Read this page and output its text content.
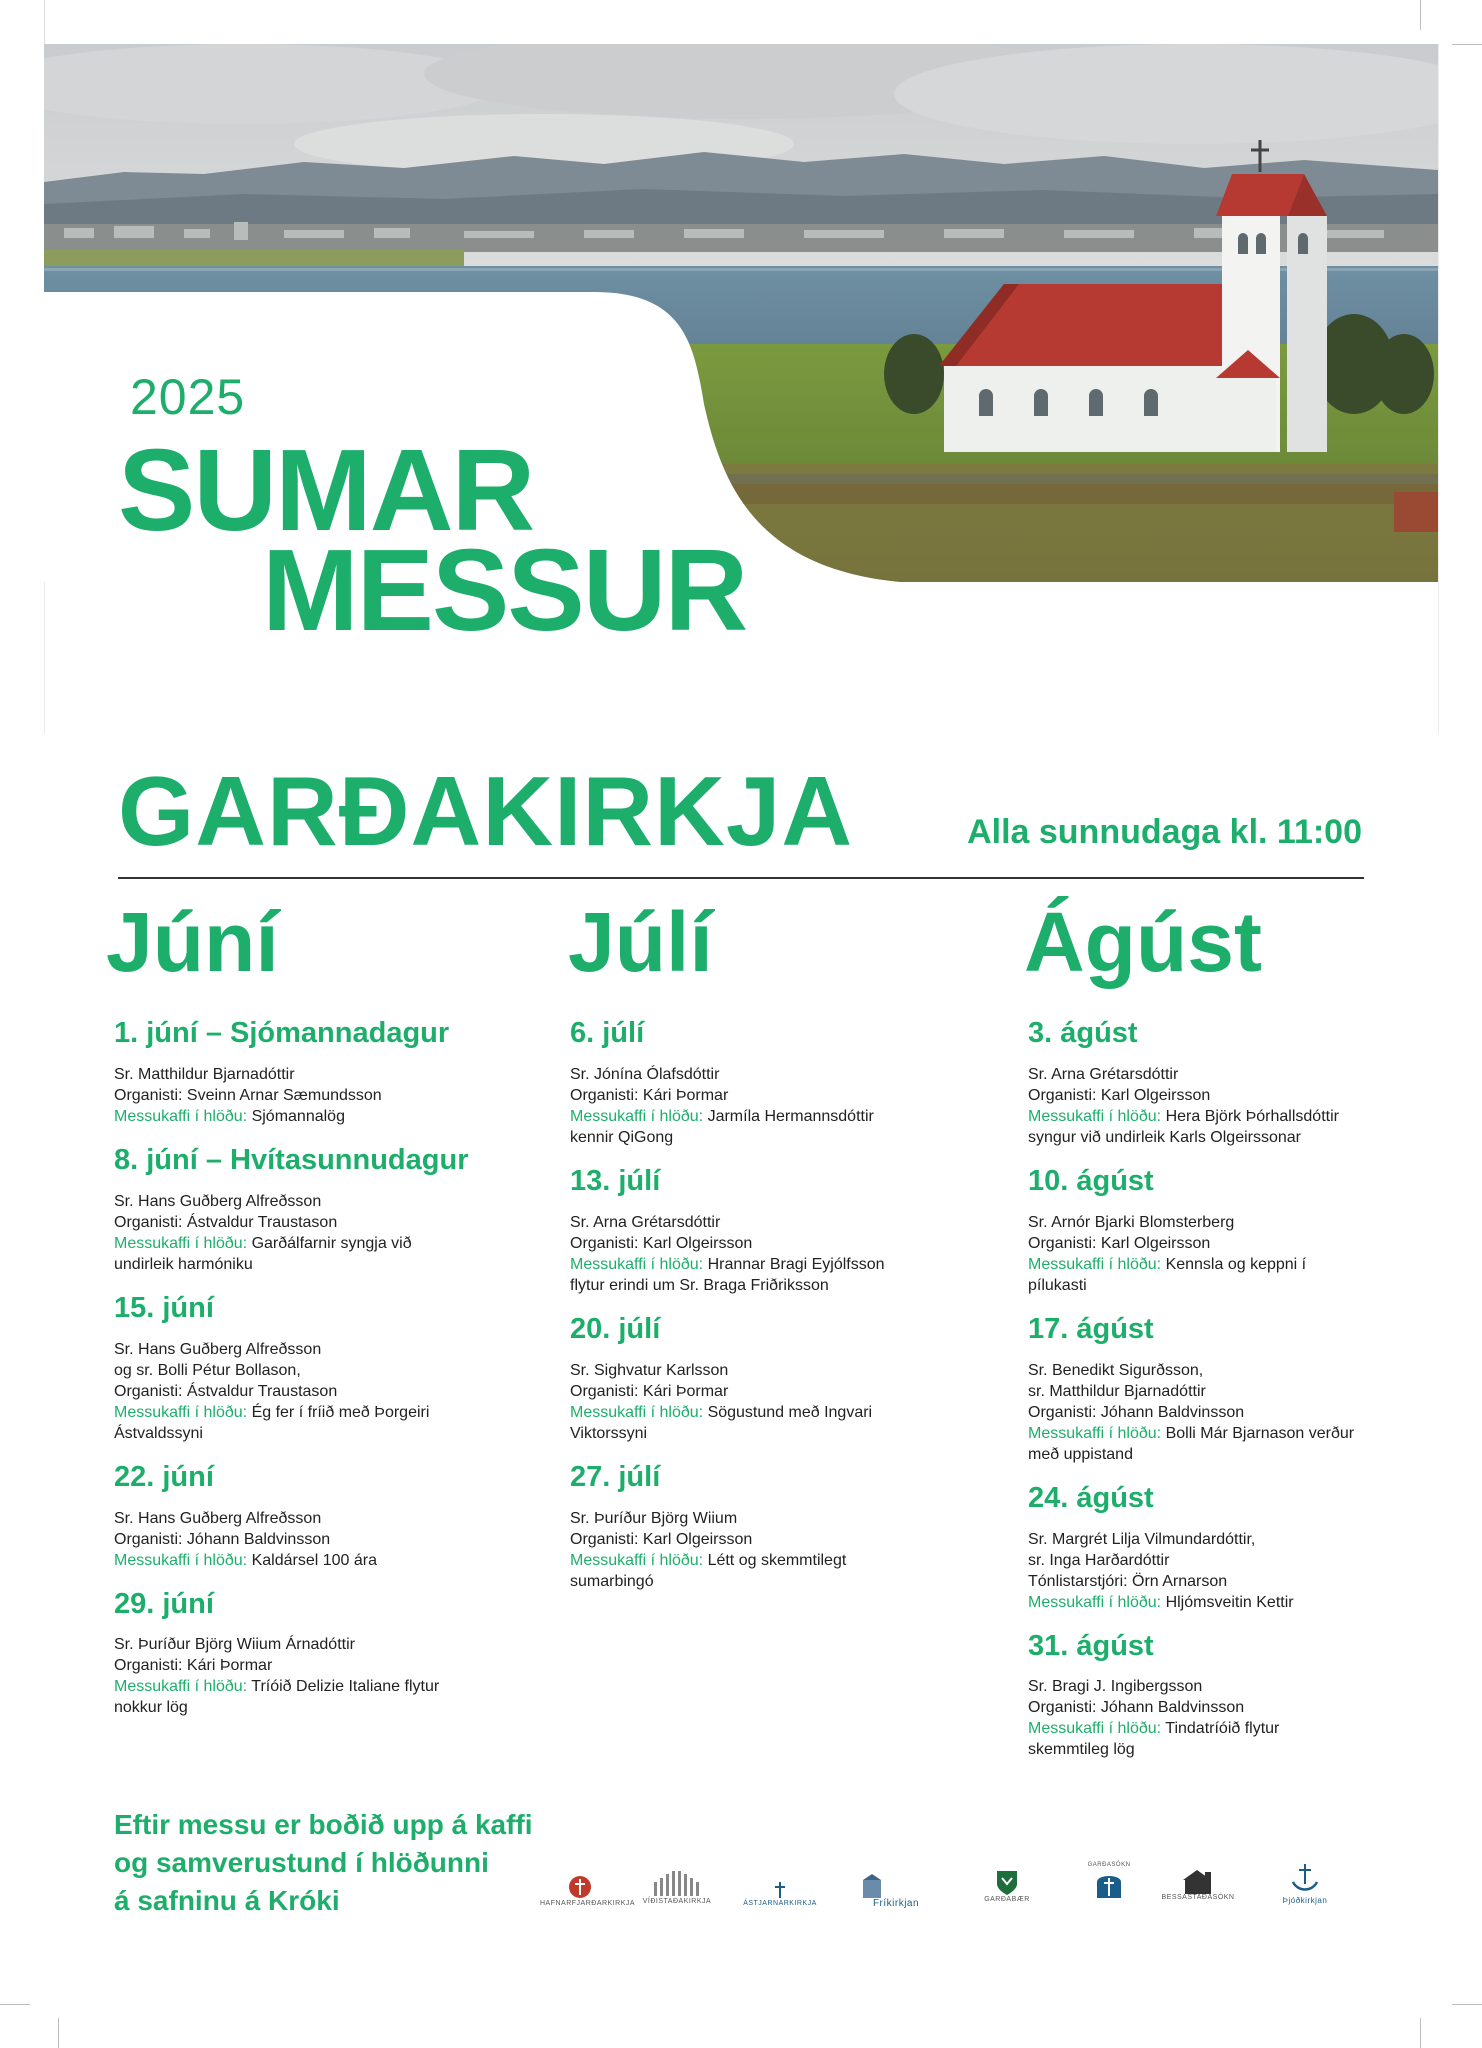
2025
SUMAR
MESSUR
GARÐAKIRKJA	Alla sunnudaga kl. 11:00
Júní	Júlí	Ágúst
1. júní – Sjómannadagur
Sr. Matthildur Bjarnadóttir
Organisti: Sveinn Arnar Sæmundsson
Messukaffi í hlöðu: Sjómannalög
8. júní – Hvítasunnudagur
Sr. Hans Guðberg Alfreðsson
Organisti: Ástvaldur Traustason
Messukaffi í hlöðu: Garðálfarnir syngja við undirleik harmóniku
15. júní
Sr. Hans Guðberg Alfreðsson
og sr. Bolli Pétur Bollason,
Organisti: Ástvaldur Traustason
Messukaffi í hlöðu: Ég fer í fríið með Þorgeiri Ástvaldssyni
22. júní
Sr. Hans Guðberg Alfreðsson
Organisti: Jóhann Baldvinsson
Messukaffi í hlöðu: Kaldársel 100 ára
29. júní
Sr. Þuríður Björg Wiium Árnadóttir
Organisti: Kári Þormar
Messukaffi í hlöðu: Tríóið Delizie Italiane flytur nokkur lög
6. júlí
Sr. Jónína Ólafsdóttir
Organisti: Kári Þormar
Messukaffi í hlöðu: Jarmíla Hermannsdóttir kennir QiGong
13. júlí
Sr. Arna Grétarsdóttir
Organisti: Karl Olgeirsson
Messukaffi í hlöðu: Hrannar Bragi Eyjólfsson flytur erindi um Sr. Braga Friðriksson
20. júlí
Sr. Sighvatur Karlsson
Organisti: Kári Þormar
Messukaffi í hlöðu: Sögustund með Ingvari Viktorssyni
27. júlí
Sr. Þuríður Björg Wiium
Organisti: Karl Olgeirsson
Messukaffi í hlöðu: Létt og skemmtilegt sumarbingó
3. ágúst
Sr. Arna Grétarsdóttir
Organisti: Karl Olgeirsson
Messukaffi í hlöðu: Hera Björk Þórhallsdóttir syngur við undirleik Karls Olgeirssonar
10. ágúst
Sr. Arnór Bjarki Blomsterberg
Organisti: Karl Olgeirsson
Messukaffi í hlöðu: Kennsla og keppni í pílukasti
17. ágúst
Sr. Benedikt Sigurðsson,
sr. Matthildur Bjarnadóttir
Organisti: Jóhann Baldvinsson
Messukaffi í hlöðu: Bolli Már Bjarnason verður með uppistand
24. ágúst
Sr. Margrét Lilja Vilmundardóttir,
sr. Inga Harðardóttir
Tónlistarstjóri: Örn Arnarson
Messukaffi í hlöðu: Hljómsveitin Kettir
31. ágúst
Sr. Bragi J. Ingibergsson
Organisti: Jóhann Baldvinsson
Messukaffi í hlöðu: Tindatríóið flytur skemmtileg lög
Eftir messu er boðið upp á kaffi
og samverustund í hlöðunni
á safninu á Króki	HAFNARFJARÐARKIRKJA VÍÐISTAÐAKIRKJA	ÁSTJARNARKIRKJA	Fríkirkjan	GARÐABÆR
GARÐASÓKN
BESSASTAÐASÓKN	Þjóðkirkjan
